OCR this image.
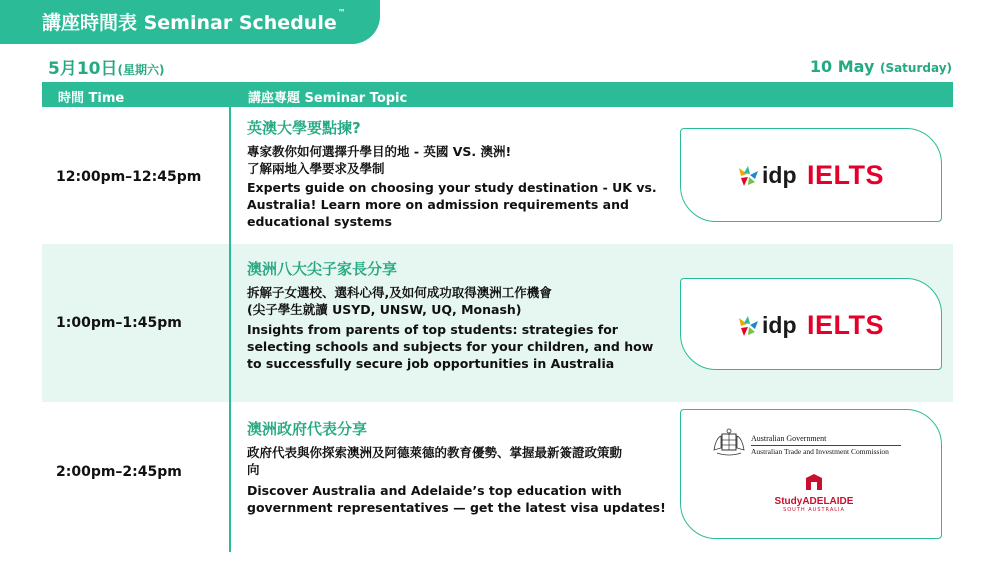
講座時間表 Seminar Schedule™
5月10日(星期六)	10 May (Saturday)
時間 Time	講座專題 Seminar Topic
12:00pm–12:45pm
英澳大學要點揀?
專家教你如何選擇升學目的地 - 英國 VS. 澳洲!
了解兩地入學要求及學制
Experts guide on choosing your study destination - UK vs. Australia! Learn more on admission requirements and educational systems
idp IELTS
1:00pm–1:45pm
澳洲八大尖子家長分享
拆解子女選校、選科心得,及如何成功取得澳洲工作機會
(尖子學生就讀 USYD, UNSW, UQ, Monash)
Insights from parents of top students: strategies for selecting schools and subjects for your children, and how to successfully secure job opportunities in Australia
idp IELTS
2:00pm–2:45pm
澳洲政府代表分享
政府代表與你探索澳洲及阿德萊德的教育優勢、掌握最新簽證政策動向
Discover Australia and Adelaide’s top education with government representatives — get the latest visa updates!
Australian Government
Australian Trade and Investment Commission
StudyADELAIDE
SOUTH AUSTRALIA
